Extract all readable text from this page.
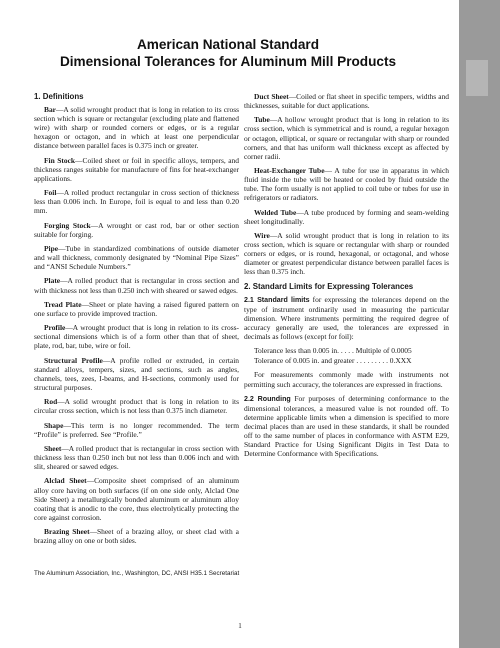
American National Standard
Dimensional Tolerances for Aluminum Mill Products
1. Definitions

Bar—A solid wrought product that is long in relation to its cross section which is square or rectangular (excluding plate and flattened wire) with sharp or rounded corners or edges, or is a regular hexagon or octagon, and in which at least one perpendicular distance between parallel faces is 0.375 inch or greater.

Fin Stock—Coiled sheet or foil in specific alloys, tempers, and thickness ranges suitable for manufacture of fins for heat-exchanger applications.

Foil—A rolled product rectangular in cross section of thickness less than 0.006 inch. In Europe, foil is equal to and less than 0.20 mm.

Forging Stock—A wrought or cast rod, bar or other section suitable for forging.

Pipe—Tube in standardized combinations of outside diameter and wall thickness, commonly designated by “Nominal Pipe Sizes” and “ANSI Schedule Numbers.”

Plate—A rolled product that is rectangular in cross section and with thickness not less than 0.250 inch with sheared or sawed edges.

Tread Plate—Sheet or plate having a raised figured pattern on one surface to provide improved traction.

Profile—A wrought product that is long in relation to its cross-sectional dimensions which is of a form other than that of sheet, plate, rod, bar, tube, wire or foil.

Structural Profile—A profile rolled or extruded, in certain standard alloys, tempers, sizes, and sections, such as angles, channels, tees, zees, I-beams, and H-sections, commonly used for structural purposes.

Rod—A solid wrought product that is long in relation to its circular cross section, which is not less than 0.375 inch diameter.

Shape—This term is no longer recommended. The term “Profile” is preferred. See “Profile.”

Sheet—A rolled product that is rectangular in cross section with thickness less than 0.250 inch but not less than 0.006 inch and with slit, sheared or sawed edges.

Alclad Sheet—Composite sheet comprised of an aluminum alloy core having on both surfaces (if on one side only, Alclad One Side Sheet) a metallurgically bonded aluminum or aluminum alloy coating that is anodic to the core, thus electrolytically protecting the core against corrosion.

Brazing Sheet—Sheet of a brazing alloy, or sheet clad with a brazing alloy on one or both sides.

Duct Sheet—Coiled or flat sheet in specific tempers, widths and thicknesses, suitable for duct applications.

Tube—A hollow wrought product that is long in relation to its cross section, which is symmetrical and is round, a regular hexagon or octagon, elliptical, or square or rectangular with sharp or rounded corners, and that has uniform wall thickness except as affected by corner radii.

Heat-Exchanger Tube— A tube for use in apparatus in which fluid inside the tube will be heated or cooled by fluid outside the tube. The form usually is not applied to coil tube or tubes for use in refrigerators or radiators.

Welded Tube—A tube produced by forming and seam-welding sheet longitudinally.

Wire—A solid wrought product that is long in relation to its cross section, which is square or rectangular with sharp or rounded corners or edges, or is round, hexagonal, or octagonal, and whose diameter or greatest perpendicular distance between parallel faces is less than 0.375 inch.

2. Standard Limits for Expressing Tolerances

2.1 Standard limits for expressing the tolerances depend on the type of instrument ordinarily used in measuring the particular dimension. Where instruments permitting the required degree of accuracy generally are used, the tolerances are expressed in decimals as follows (except for foil):

Tolerance less than 0.005 in. . . . . Multiple of 0.0005
Tolerance of 0.005 in. and greater . . . . . . . . . 0.XXX

For measurements commonly made with instruments not permitting such accuracy, the tolerances are expressed in fractions.

2.2 Rounding For purposes of determining conformance to the dimensional tolerances, a measured value is not rounded off. To determine applicable limits when a dimension is specified to more decimal places than are used in these standards, it shall be rounded off to the same number of places in conformance with ASTM E29, Standard Practice for Using Significant Digits in Test Data to Determine Conformance with Specifications.

The Aluminum Association, Inc., Washington, DC, ANSI H35.1 Secretariat
1
